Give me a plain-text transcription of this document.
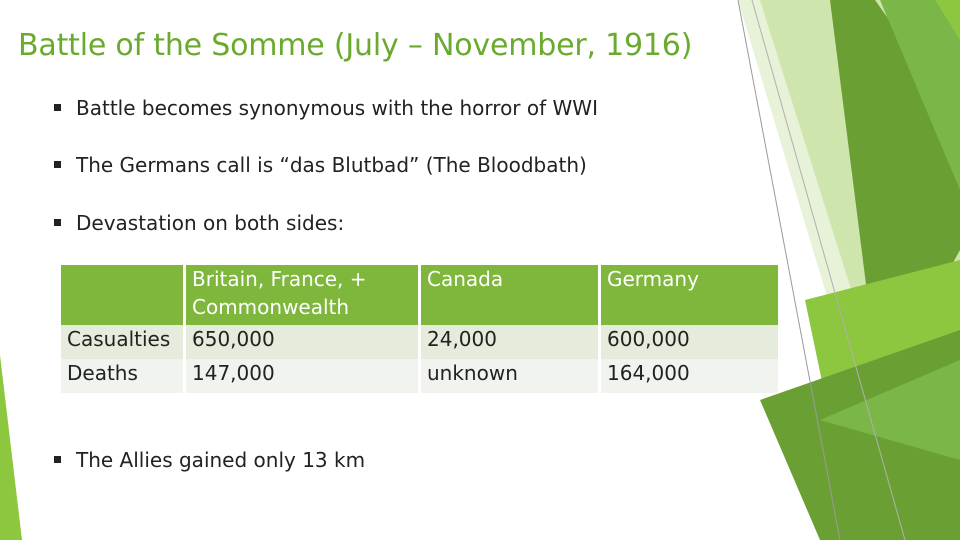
Battle of the Somme (July – November, 1916)
Battle becomes synonymous with the horror of WWI
The Germans call is “das Blutbad” (The Bloodbath)
Devastation on both sides:
	Britain, France, + Commonwealth	Canada	Germany
Casualties	650,000	24,000	600,000
Deaths	147,000	unknown	164,000
The Allies gained only 13 km
